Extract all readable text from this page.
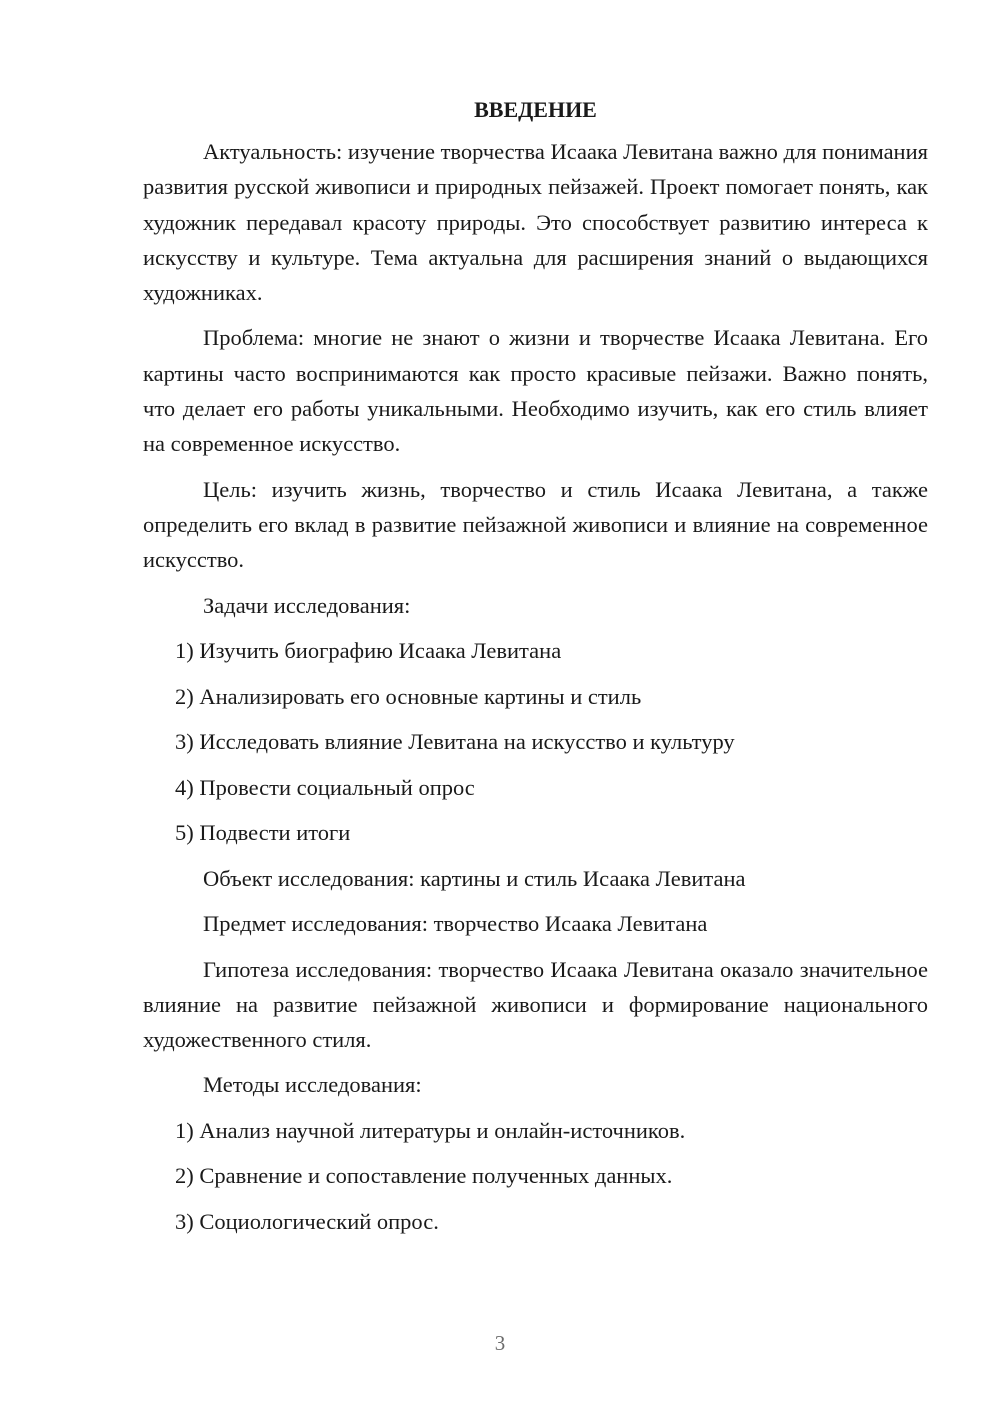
ВВЕДЕНИЕ

Актуальность: изучение творчества Исаака Левитана важно для понимания развития русской живописи и природных пейзажей. Проект помогает понять, как художник передавал красоту природы. Это способствует развитию интереса к искусству и культуре. Тема актуальна для расширения знаний о выдающихся художниках.

Проблема: многие не знают о жизни и творчестве Исаака Левитана. Его картины часто воспринимаются как просто красивые пейзажи. Важно понять, что делает его работы уникальными. Необходимо изучить, как его стиль влияет на современное искусство.

Цель: изучить жизнь, творчество и стиль Исаака Левитана, а также определить его вклад в развитие пейзажной живописи и влияние на современное искусство.

Задачи исследования:

1) Изучить биографию Исаака Левитана

2) Анализировать его основные картины и стиль

3) Исследовать влияние Левитана на искусство и культуру

4) Провести социальный опрос

5) Подвести итоги

Объект исследования: картины и стиль Исаака Левитана

Предмет исследования: творчество Исаака Левитана

Гипотеза исследования: творчество Исаака Левитана оказало значительное влияние на развитие пейзажной живописи и формирование национального художественного стиля.

Методы исследования:

1) Анализ научной литературы и онлайн-источников.

2) Сравнение и сопоставление полученных данных.

3) Социологический опрос.

3
